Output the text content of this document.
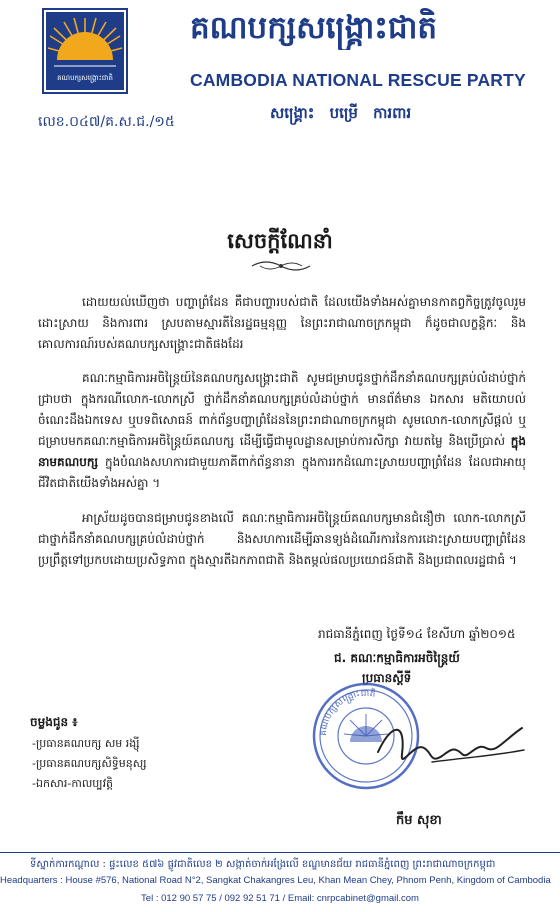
គណបក្សសង្គ្រោះជាតិ
គណបក្សសង្គ្រោះជាតិ
CAMBODIA NATIONAL RESCUE PARTY
សង្គ្រោះ បម្រើ ការពារ
លេខ.០៤៧/គ.ស.ជ./១៥
សេចក្ដីណែនាំ
ដោយយល់ឃើញថា បញ្ហាព្រំដែន គឺជាបញ្ហារបស់ជាតិ ដែលយើងទាំងអស់គ្នាមានកាតព្វកិច្ចត្រូវចូលរួមដោះស្រាយ និងការពារ ស្របតាមស្មារតីនៃរដ្ឋធម្មនុញ្ញ នៃព្រះរាជាណាចក្រកម្ពុជា ក៏ដូចជាលក្ខន្តិកៈ និងគោលការណ៍របស់គណបក្សសង្គ្រោះជាតិផងដែរ
គណៈកម្មាធិការអចិន្ត្រៃយ៍នៃគណបក្សសង្គ្រោះជាតិ សូមជម្រាបជូនថ្នាក់ដឹកនាំគណបក្សគ្រប់លំដាប់ថ្នាក់ជ្រាបថា ក្នុងករណីលោក-លោកស្រី ថ្នាក់ដឹកនាំគណបក្សគ្រប់លំដាប់ថ្នាក់ មានព័ត៌មាន ឯកសារ មតិយោបល់ ចំណេះដឹងឯកទេស ឬបទពិសោធន៍ ពាក់ព័ន្ធបញ្ហាព្រំដែននៃព្រះរាជាណាចក្រកម្ពុជា សូមលោក-លោកស្រីផ្ដល់ ឬជម្រាបមកគណៈកម្មាធិការអចិន្ត្រៃយ៍គណបក្ស ដើម្បីធ្វើជាមូលដ្ឋានសម្រាប់ការសិក្សា វាយតម្លៃ និងប្រើប្រាស់ ក្នុងនាមគណបក្ស ក្នុងបំណងសហការជាមួយភាគីពាក់ព័ន្ធនានា ក្នុងការរកដំណោះស្រាយបញ្ហាព្រំដែន ដែលជាអាយុជីវិតជាតិយើងទាំងអស់គ្នា ។
អាស្រ័យដូចបានជម្រាបជូនខាងលើ គណៈកម្មាធិការអចិន្ត្រៃយ៍គណបក្សមានជំនឿថា លោក-លោកស្រី ជាថ្នាក់ដឹកនាំគណបក្សគ្រប់លំដាប់ថ្នាក់ និងសហការដើម្បីឆានទ្យង់ដំណើរការនៃការដោះស្រាយបញ្ហាព្រំដែន ប្រព្រឹត្តទៅប្រកបដោយប្រសិទ្ធភាព ក្នុងស្មារតីឯកភាពជាតិ និងតម្កល់ផលប្រយោជន៍ជាតិ និងប្រជាពលរដ្ឋជាធំ ។
រាជធានីភ្នំពេញ ថ្ងៃទី១៤ ខែសីហា ឆ្នាំ២០១៥
ជ. គណៈកម្មាធិការអចិន្ត្រៃយ៍
ប្រធានស្ដីទី
គណបក្សសង្គ្រោះជាតិ
កឹម សុខា
ចម្លងជូន ៖
-ប្រធានគណបក្ស សម រង្ស៊ី
-ប្រធានគណបក្សសិទ្ធិមនុស្ស
-ឯកសារ-កាលប្បវត្តិ
ទីស្នាក់ការកណ្ដាល : ផ្ទះលេខ ៥៧៦ ផ្លូវជាតិលេខ ២ សង្កាត់ចាក់អង្រែលើ ខណ្ឌមានជ័យ រាជធានីភ្នំពេញ ព្រះរាជាណាចក្រកម្ពុជា
Headquarters : House #576, National Road N°2, Sangkat Chakangres Leu, Khan Mean Chey, Phnom Penh, Kingdom of Cambodia
Tel : 012 90 57 75 / 092 92 51 71 / Email: cnrpcabinet@gmail.com
